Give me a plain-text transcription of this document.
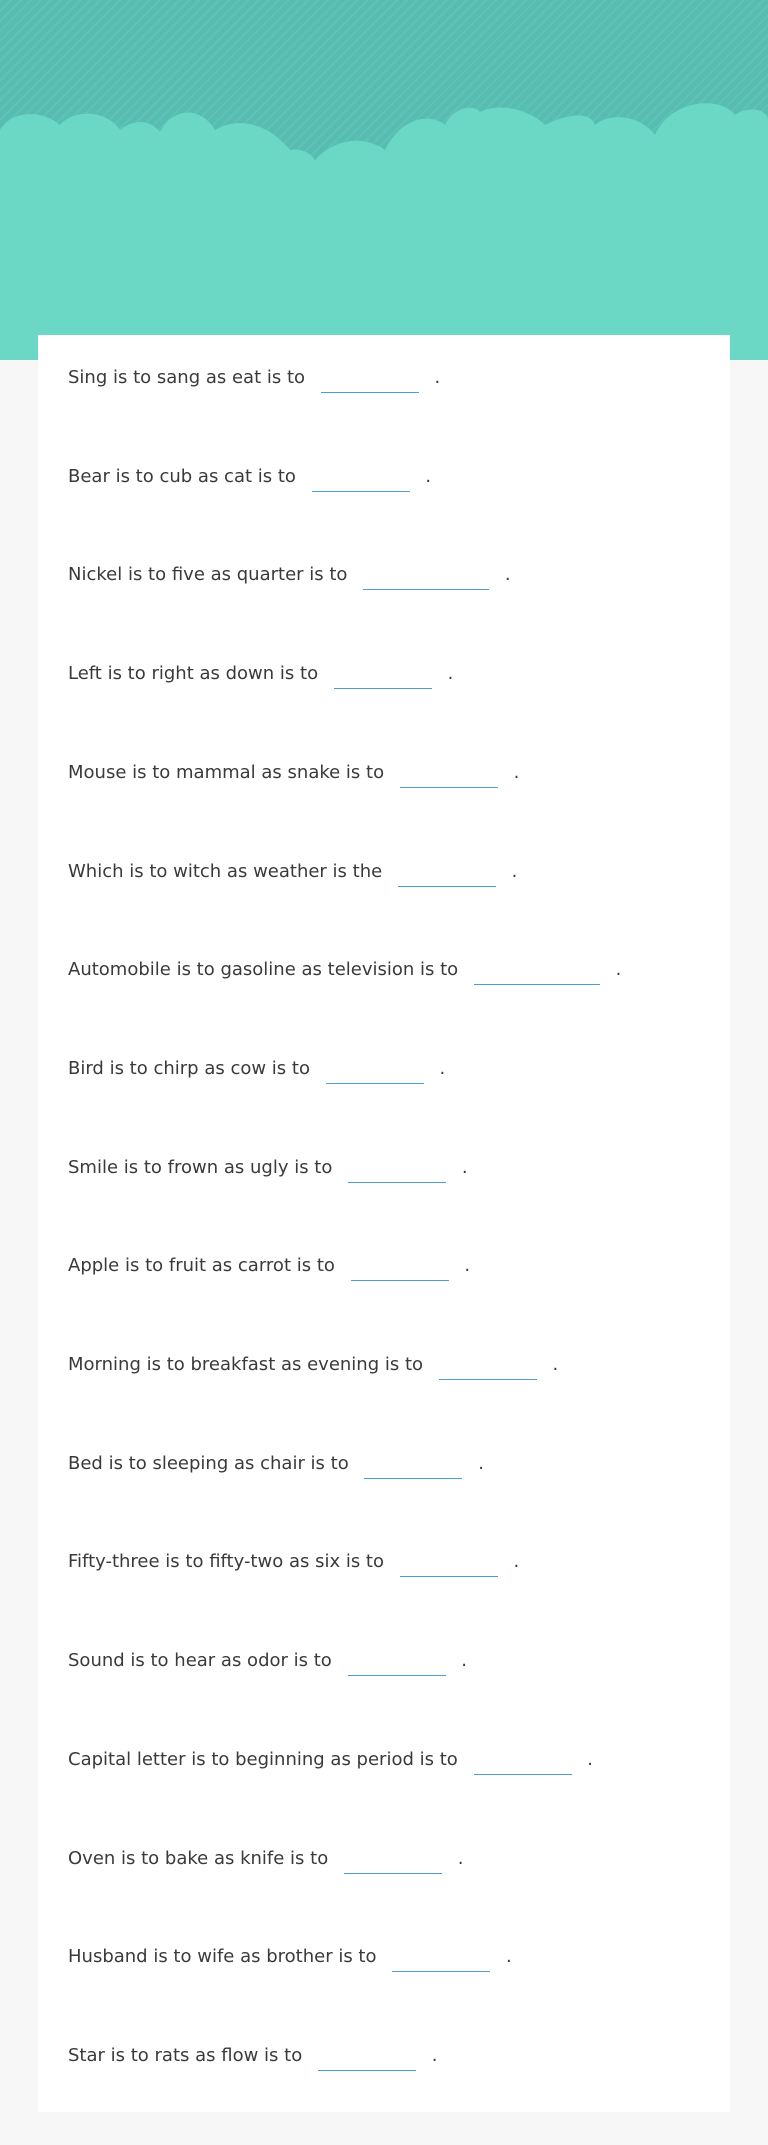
Sing is to sang as eat is to	.
Bear is to cub as cat is to	.
Nickel is to five as quarter is to	.
Left is to right as down is to	.
Mouse is to mammal as snake is to	.
Which is to witch as weather is the	.
Automobile is to gasoline as television is to	.
Bird is to chirp as cow is to	.
Smile is to frown as ugly is to	.
Apple is to fruit as carrot is to	.
Morning is to breakfast as evening is to	.
Bed is to sleeping as chair is to	.
Fifty-three is to fifty-two as six is to	.
Sound is to hear as odor is to	.
Capital letter is to beginning as period is to	.
Oven is to bake as knife is to	.
Husband is to wife as brother is to	.
Star is to rats as flow is to	.
